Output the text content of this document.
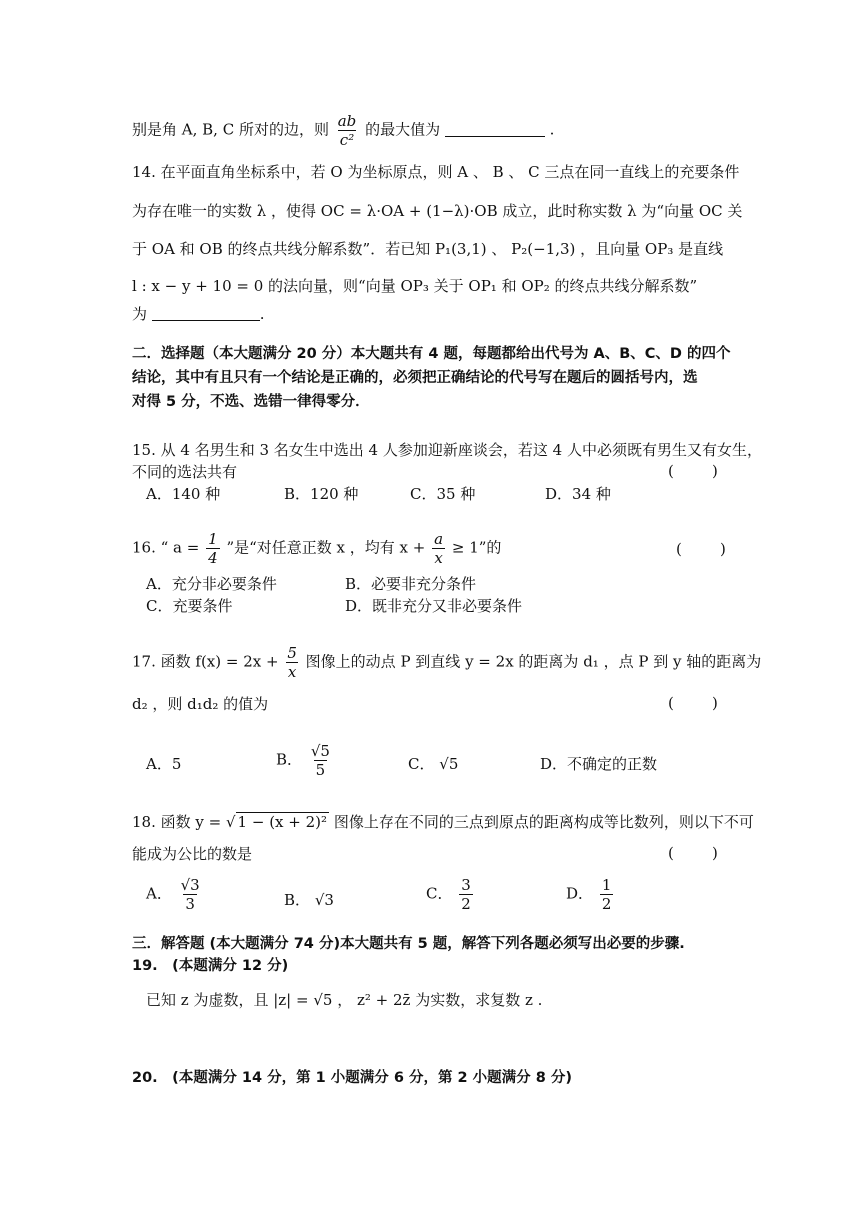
别是角 A, B, C 所对的边，则 $\frac{ab}{\text{c²}}$ 的最大值为	.
14. 在平面直角坐标系中，若 O 为坐标原点，则 A 、 B 、 C 三点在同一直线上的充要条件
为存在唯一的实数 λ ，使得 OC = λ·OA + (1−λ)·OB 成立，此时称实数 λ 为“向量 OC 关
于 OA 和 OB 的终点共线分解系数”．若已知 P₁(3,1) 、 P₂(−1,3) ，且向量 OP₃ 是直线
l : x − y + 10 = 0 的法向量，则“向量 OP₃ 关于 OP₁ 和 OP₂ 的终点共线分解系数”
为	.
二．选择题（本大题满分 20 分）本大题共有 4 题，每题都给出代号为 A、B、C、D 的四个
结论，其中有且只有一个结论是正确的，必须把正确结论的代号写在题后的圆括号内，选
对得 5 分，不选、选错一律得零分．
15. 从 4 名男生和 3 名女生中选出 4 人参加迎新座谈会，若这 4 人中必须既有男生又有女生，
不同的选法共有	(        )
A．140 种	B．120 种	C．35 种	D．34 种
16. “ $a = \frac{1}{4}$ ”是“对任意正数 x ，均有 $x + \frac{a}{x} \ge 1$”的	(        )
A．充分非必要条件	B．必要非充分条件
C．充要条件	D．既非充分又非必要条件
17. 函数 $f(x) = 2x + \frac{5}{x}$ 图像上的动点 P 到直线 y = 2x 的距离为 d₁ ，点 P 到 y 轴的距离为
d₂ ，则 d₁d₂ 的值为	(        )
A．5	B． $\frac{√5}{5}$	C． √5	D．不确定的正数
18. 函数 y = √ 1 − (x + 2)² 图像上存在不同的三点到原点的距离构成等比数列，则以下不可
能成为公比的数是	(        )
A． $\frac{√3}{3}$	B． √3	C． $\frac{3}{2}$	D． $\frac{1}{2}$
三．解答题 (本大题满分 74 分)本大题共有 5 题，解答下列各题必须写出必要的步骤.
19.　(本题满分 12 分)
已知 z 为虚数，且 |z| = √5 ， z² + 2z̄ 为实数，求复数 z .
20.　(本题满分 14 分，第 1 小题满分 6 分，第 2 小题满分 8 分)
